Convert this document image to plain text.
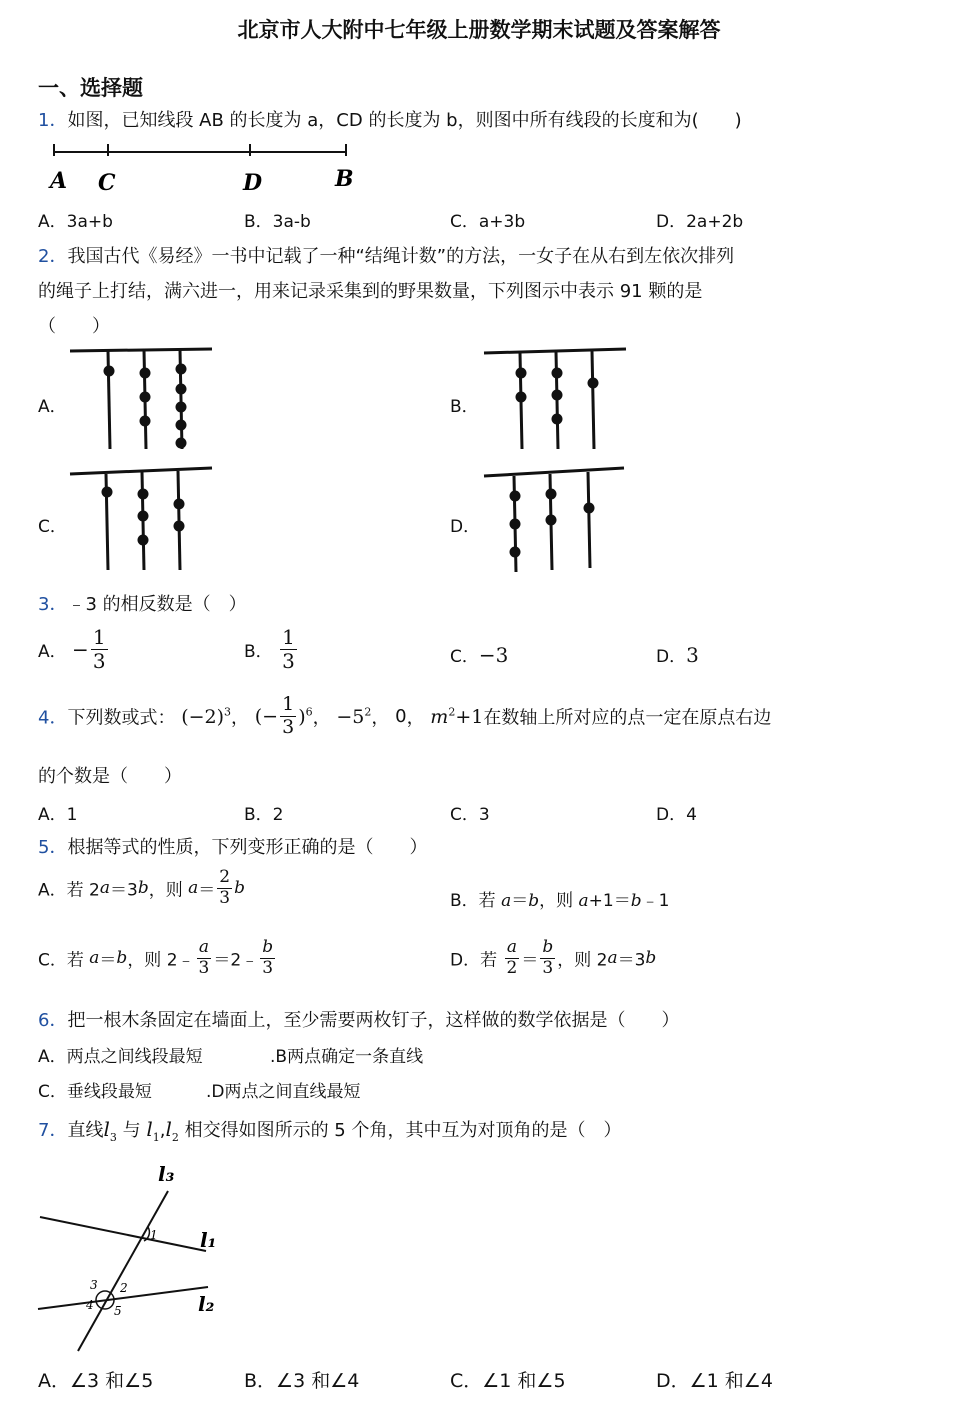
北京市人大附中七年级上册数学期末试题及答案解答
一、选择题
1．如图，已知线段 AB 的长度为 a，CD 的长度为 b，则图中所有线段的长度和为(　　)
A C	D	B
A．3a+b	B．3a-b	C．a+3b	D．2a+2b
2．我国古代《易经》一书中记载了一种“结绳计数”的方法，一女子在从右到左依次排列
的绳子上打结，满六进一，用来记录采集到的野果数量，下列图示中表示 91 颗的是
（　　）
A．	B．
C．	D．
3．﹣3 的相反数是（　）
A． − $\frac{1}{3}$	B． $\frac{1}{3}$	C．−3	D．3
4．下列数或式： $(-2)^3$， (− $\frac{1}{3} )^6$， $-5^2$， 0， $m^2+1$在数轴上所对应的点一定在原点右边
的个数是（　　）
A．1	B．2	C．3	D．4
5．根据等式的性质，下列变形正确的是（　　）
A．若 2a＝3b，则 $a= \frac{2}{3}$ b
B．若 a＝b，则 a+1＝b﹣1
C．若 a＝b，则 2﹣ $\frac{a}{3}$ ＝2﹣ $\frac{b}{3}$	D．若 $\frac{a}{2} = \frac{b}{3}$ ，则 2a＝3b
6．把一根木条固定在墙面上，至少需要两枚钉子，这样做的数学依据是（　　）
A．两点之间线段最短	.B两点确定一条直线
C．垂线段最短	.D两点之间直线最短
7．直线$l_3$ 与 $l_1,l_2$ 相交得如图所示的 5 个角，其中互为对顶角的是（　）
l₃
l₁
l₂
1
2
3
4 5
A．∠3 和∠5	B．∠3 和∠4	C．∠1 和∠5	D．∠1 和∠4
